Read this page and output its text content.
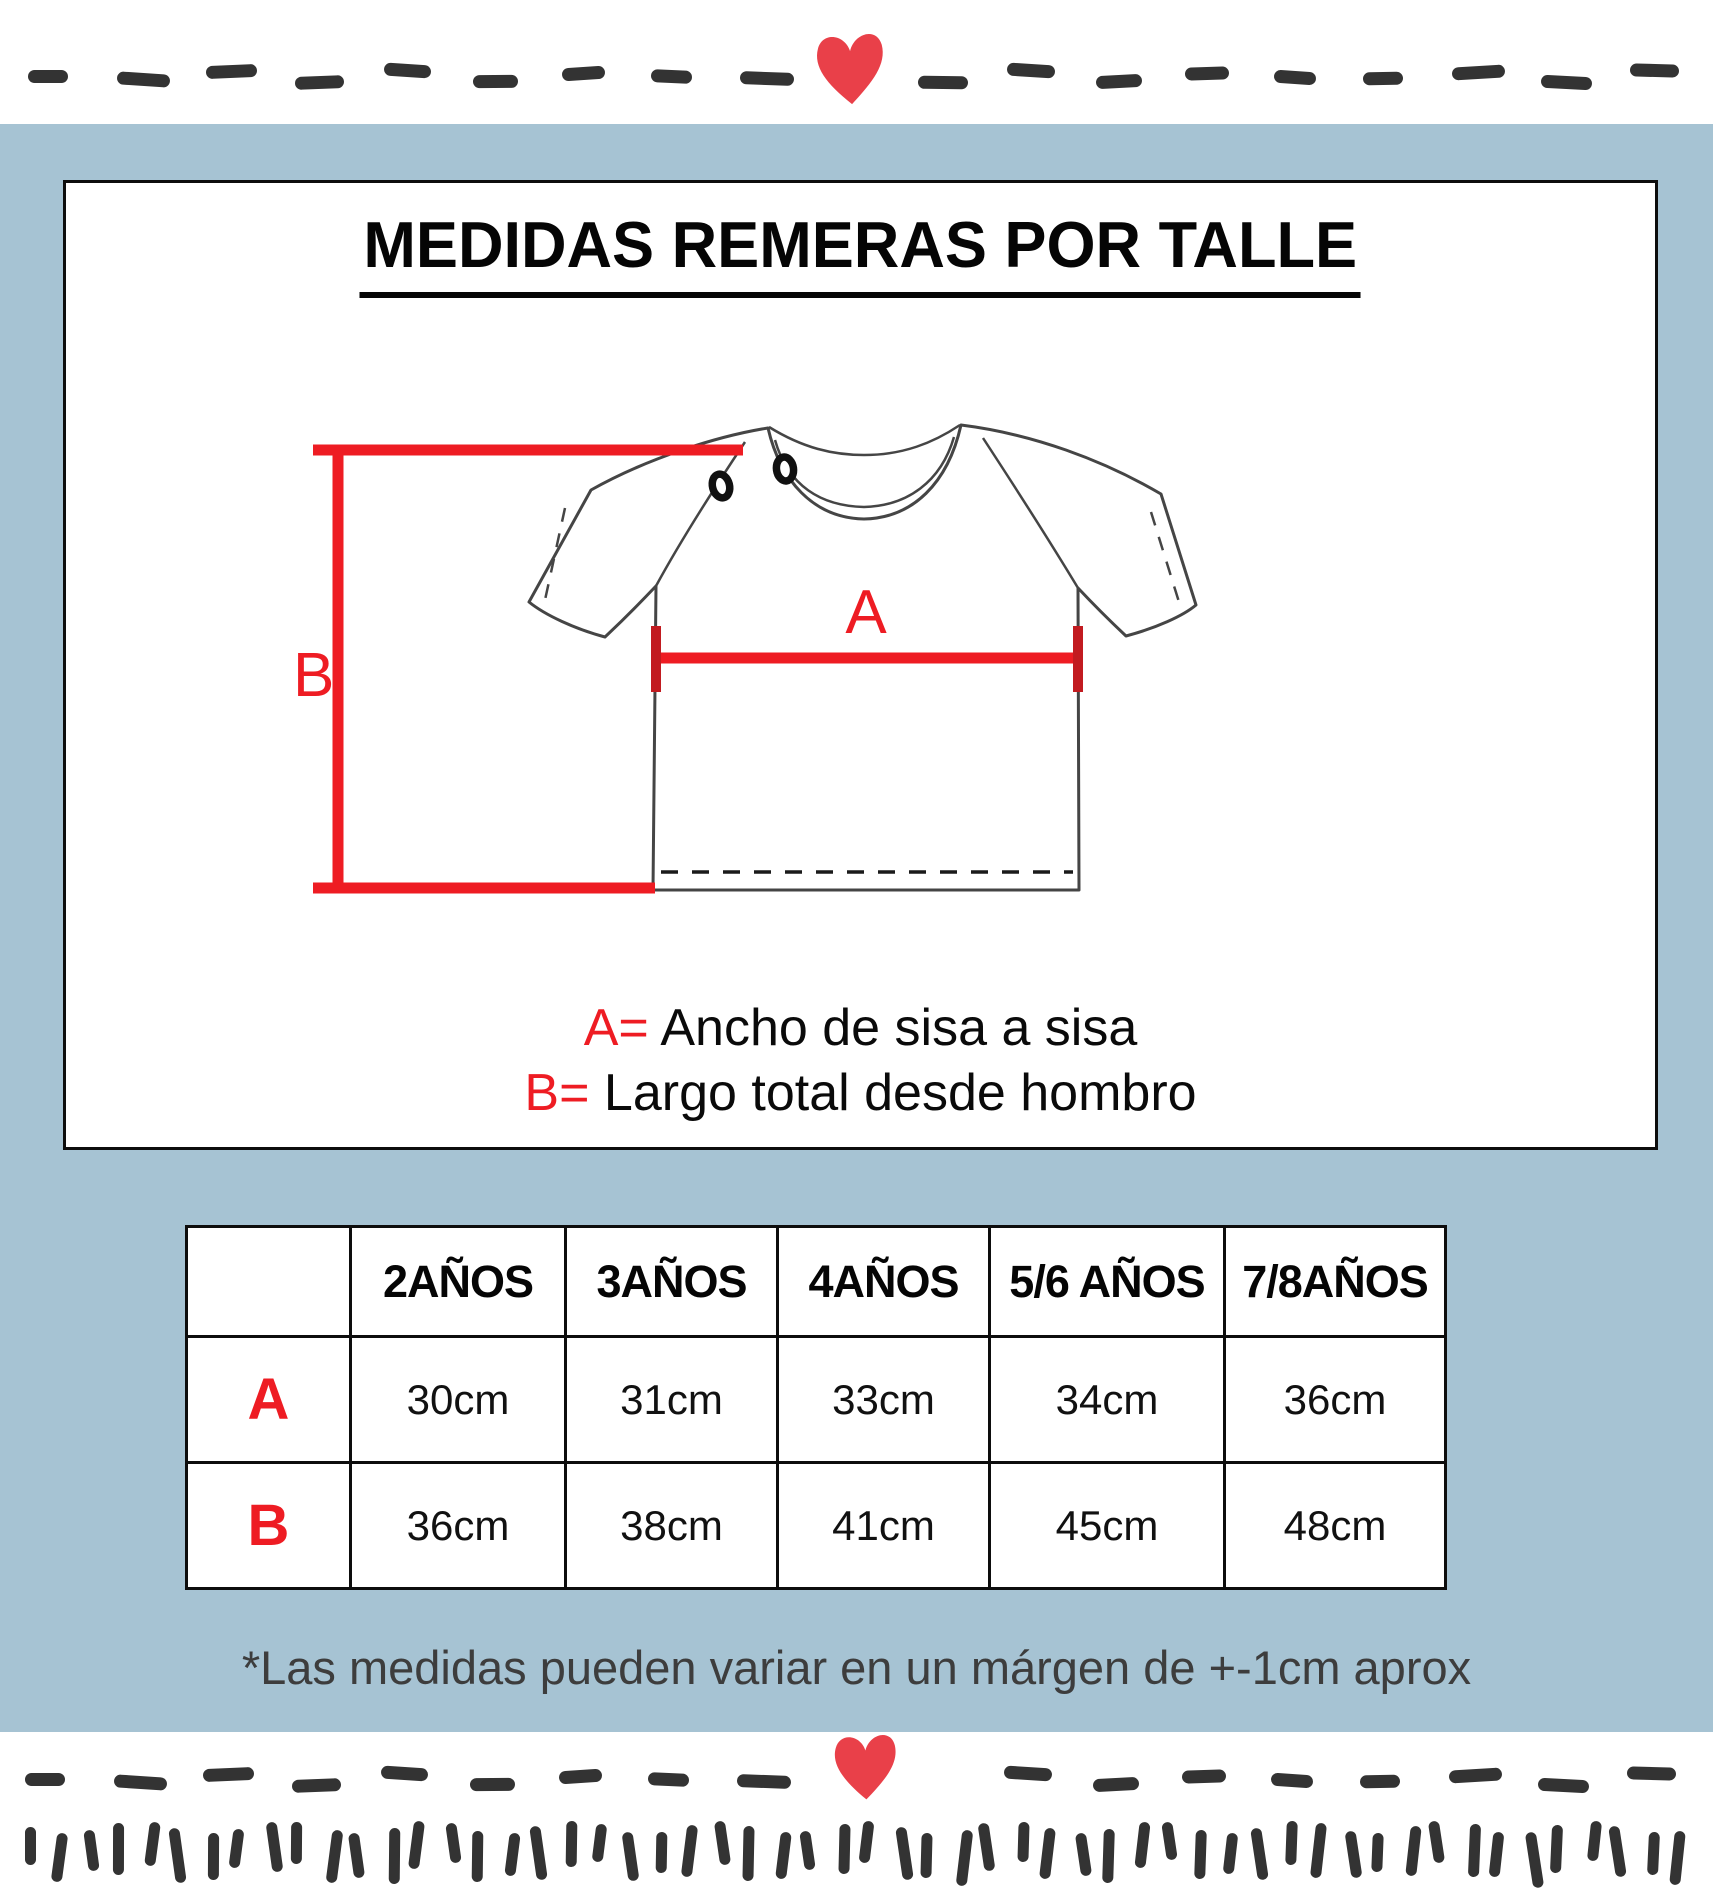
MEDIDAS REMERAS POR TALLE
A
B
A= Ancho de sisa a sisa
B= Largo total desde hombro
	2AÑOS	3AÑOS	4AÑOS	5/6 AÑOS	7/8AÑOS
A	30cm	31cm	33cm	34cm	36cm
B	36cm	38cm	41cm	45cm	48cm
*Las medidas pueden variar en un márgen de +-1cm aprox
